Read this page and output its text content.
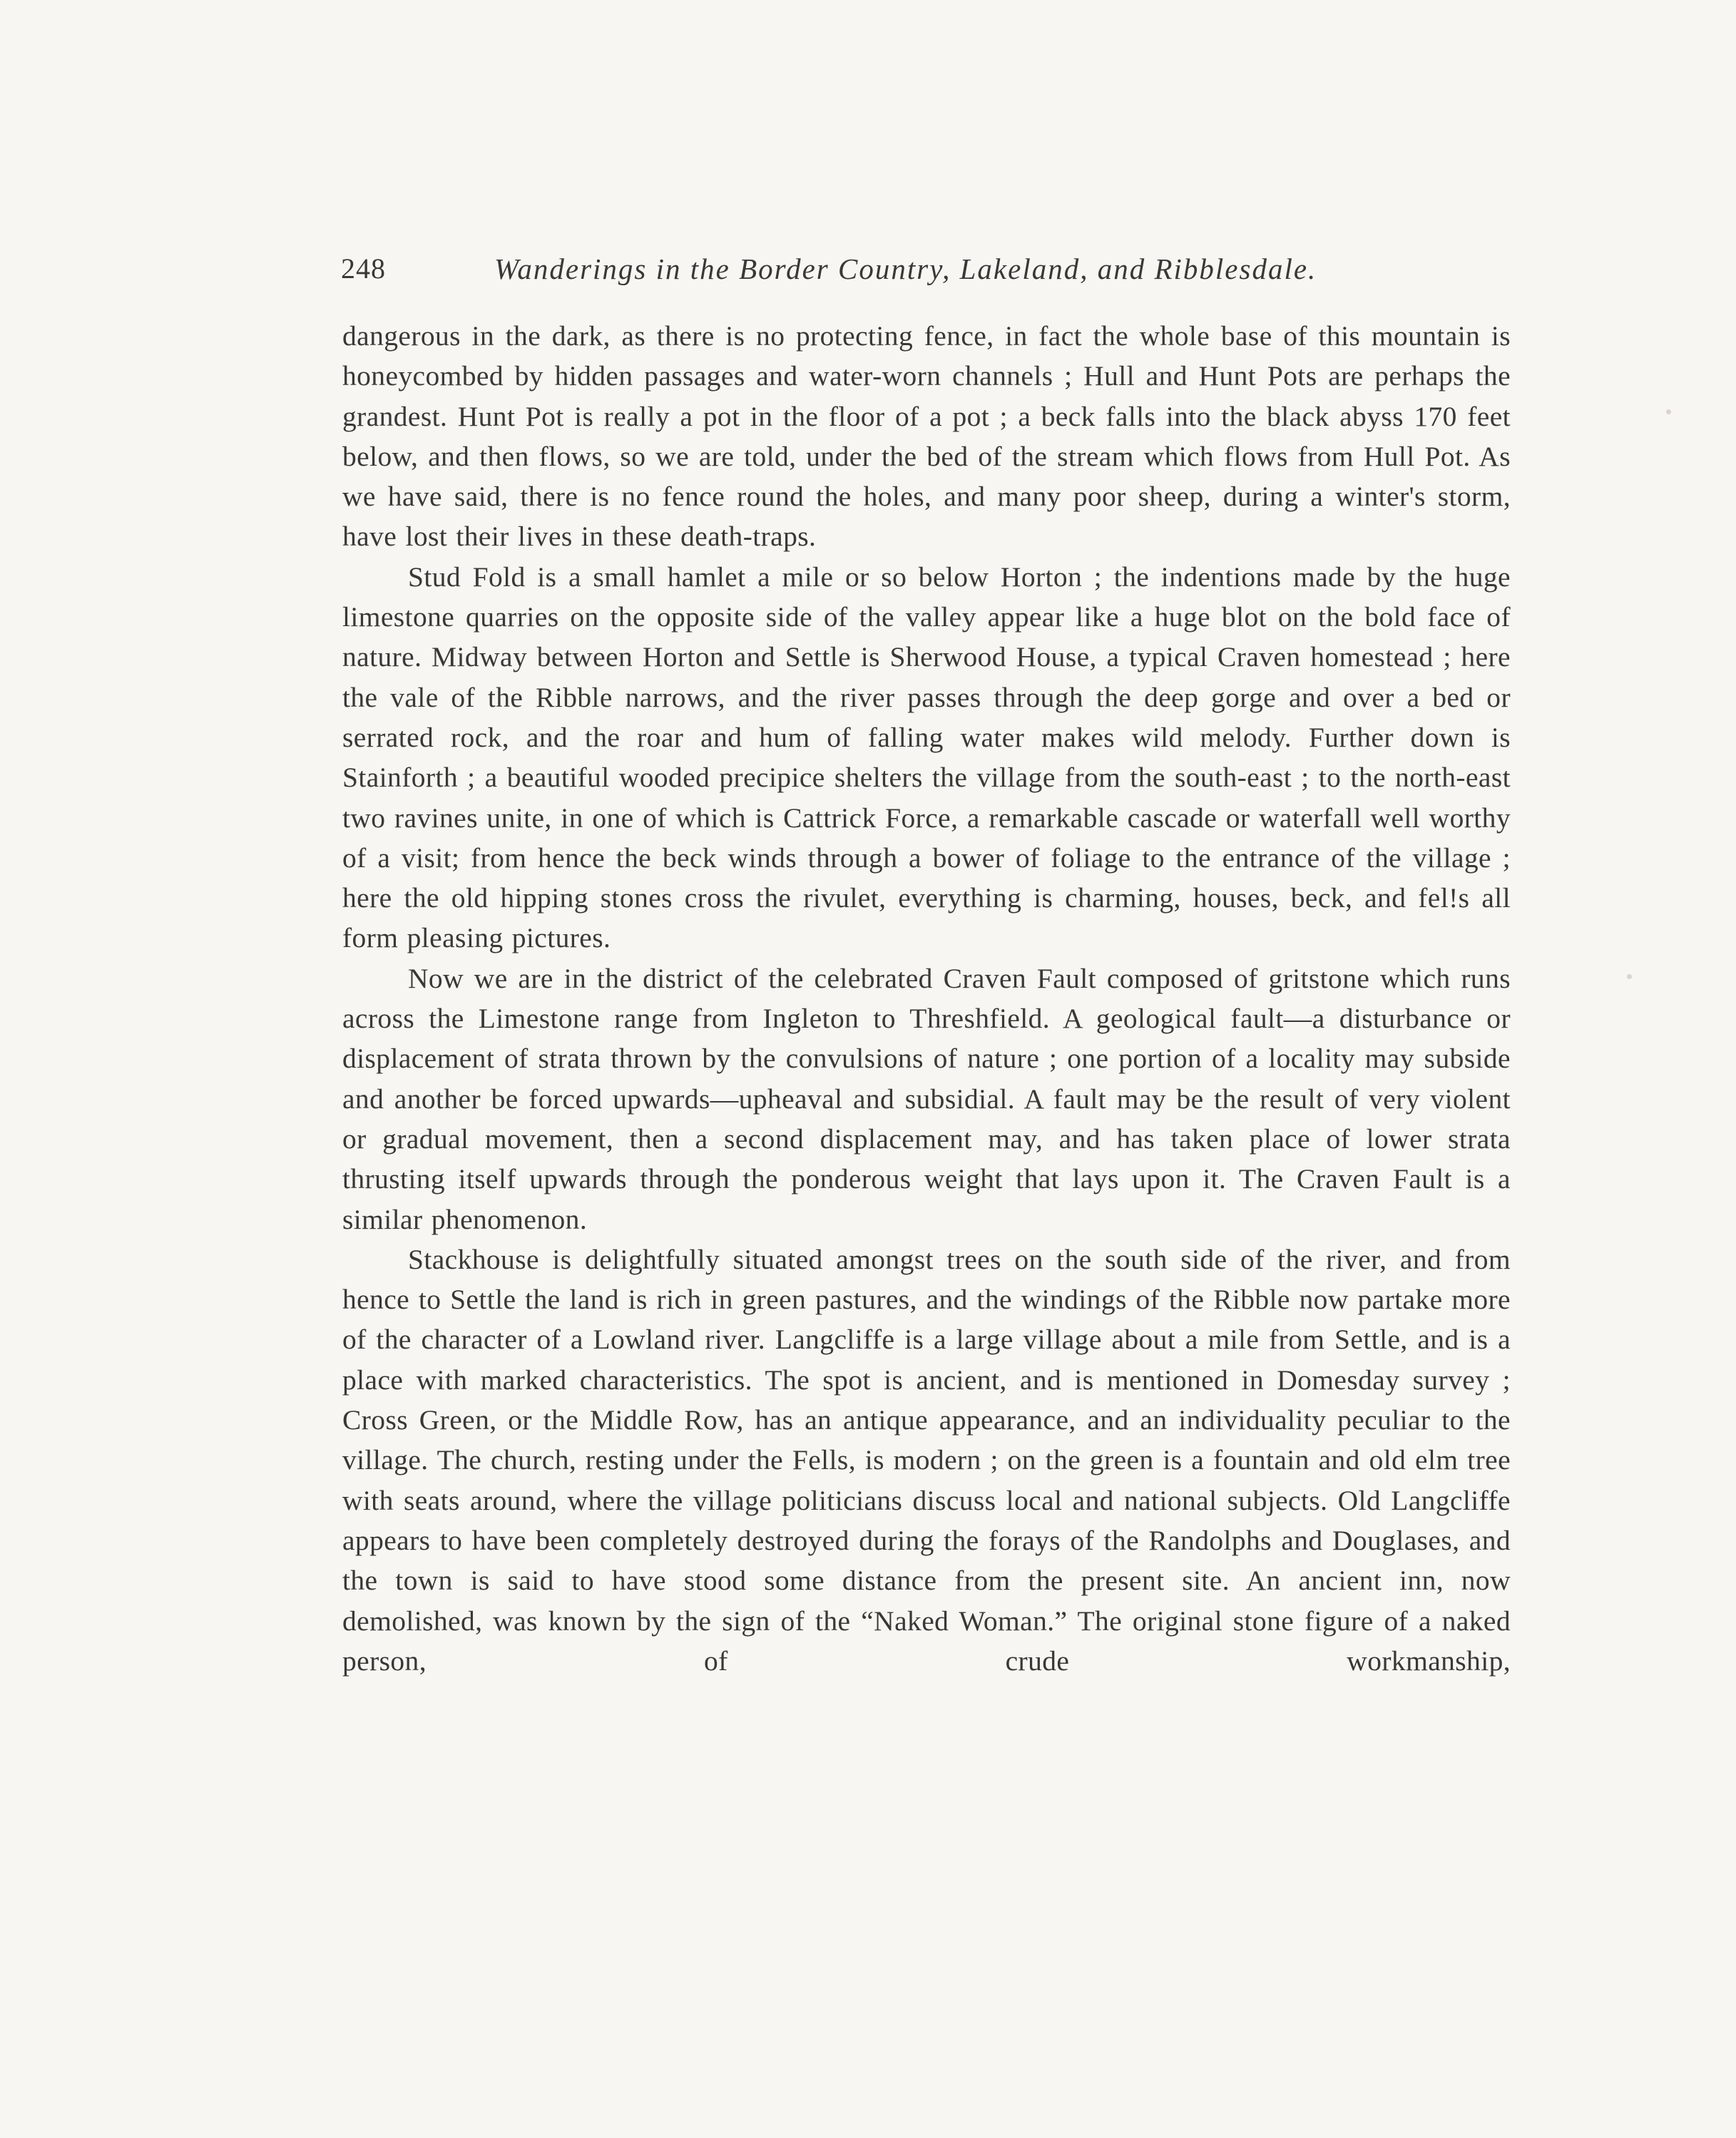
248	Wanderings in the Border Country, Lakeland, and Ribblesdale.

dangerous in the dark, as there is no protecting fence, in fact the whole base of this mountain is honeycombed by hidden passages and water-worn channels ; Hull and Hunt Pots are perhaps the grandest. Hunt Pot is really a pot in the floor of a pot ; a beck falls into the black abyss 170 feet below, and then flows, so we are told, under the bed of the stream which flows from Hull Pot. As we have said, there is no fence round the holes, and many poor sheep, during a winter's storm, have lost their lives in these death-traps.

Stud Fold is a small hamlet a mile or so below Horton ; the indentions made by the huge limestone quarries on the opposite side of the valley appear like a huge blot on the bold face of nature. Midway between Horton and Settle is Sherwood House, a typical Craven homestead ; here the vale of the Ribble narrows, and the river passes through the deep gorge and over a bed or serrated rock, and the roar and hum of falling water makes wild melody. Further down is Stainforth ; a beautiful wooded precipice shelters the village from the south-east ; to the north-east two ravines unite, in one of which is Cattrick Force, a remarkable cascade or waterfall well worthy of a visit; from hence the beck winds through a bower of foliage to the entrance of the village ; here the old hipping stones cross the rivulet, everything is charming, houses, beck, and fel!s all form pleasing pictures.

Now we are in the district of the celebrated Craven Fault composed of gritstone which runs across the Limestone range from Ingleton to Threshfield. A geological fault—a disturbance or displacement of strata thrown by the convulsions of nature ; one portion of a locality may subside and another be forced upwards—upheaval and subsidial. A fault may be the result of very violent or gradual movement, then a second displacement may, and has taken place of lower strata thrusting itself upwards through the ponderous weight that lays upon it. The Craven Fault is a similar phenomenon.

Stackhouse is delightfully situated amongst trees on the south side of the river, and from hence to Settle the land is rich in green pastures, and the windings of the Ribble now partake more of the character of a Lowland river. Langcliffe is a large village about a mile from Settle, and is a place with marked characteristics. The spot is ancient, and is mentioned in Domesday survey ; Cross Green, or the Middle Row, has an antique appearance, and an individuality peculiar to the village. The church, resting under the Fells, is modern ; on the green is a fountain and old elm tree with seats around, where the village politicians discuss local and national subjects. Old Langcliffe appears to have been completely destroyed during the forays of the Randolphs and Douglases, and the town is said to have stood some distance from the present site. An ancient inn, now demolished, was known by the sign of the “Naked Woman.” The original stone figure of a naked person, of crude workmanship,
